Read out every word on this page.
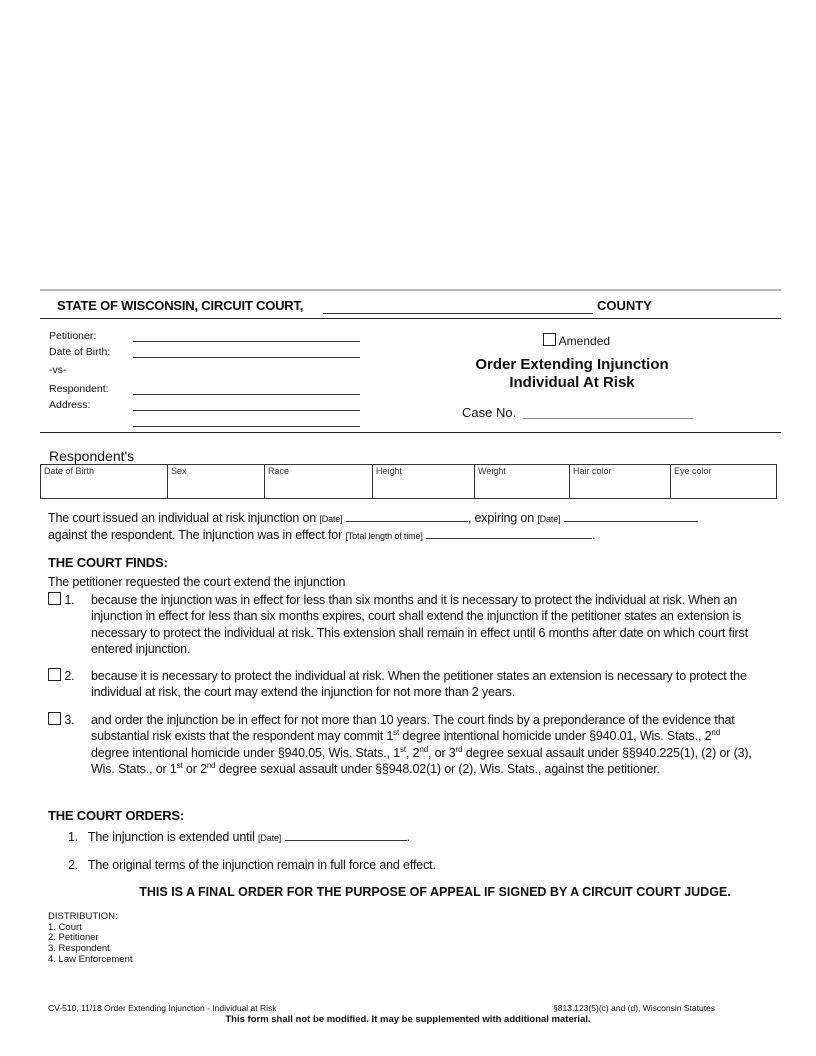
STATE OF WISCONSIN, CIRCUIT COURT,	COUNTY
Petitioner:
Date of Birth:
-vs-
Respondent:
Address:
Amended
Order Extending Injunction
Individual At Risk
Case No.
Respondent's
Date of Birth	Sex	Race	Height	Weight	Hair color	Eye color
The court issued an individual at risk injunction on [Date]	, expiring on [Date]
against the respondent. The injunction was in effect for [Total length of time]	.
THE COURT FINDS:
The petitioner requested the court extend the injunction
1. because the injunction was in effect for less than six months and it is necessary to protect the individual at risk. When an injunction in effect for less than six months expires, court shall extend the injunction if the petitioner states an extension is necessary to protect the individual at risk. This extension shall remain in effect until 6 months after date on which court first entered injunction.
2. because it is necessary to protect the individual at risk. When the petitioner states an extension is necessary to protect the individual at risk, the court may extend the injunction for not more than 2 years.
3. and order the injunction be in effect for not more than 10 years. The court finds by a preponderance of the evidence that substantial risk exists that the respondent may commit 1st degree intentional homicide under §940.01, Wis. Stats., 2nd degree intentional homicide under §940.05, Wis. Stats., 1st, 2nd, or 3rd degree sexual assault under §§940.225(1), (2) or (3), Wis. Stats., or 1st or 2nd degree sexual assault under §§948.02(1) or (2), Wis. Stats., against the petitioner.
THE COURT ORDERS:
1. The injunction is extended until [Date]	.
2. The original terms of the injunction remain in full force and effect.
THIS IS A FINAL ORDER FOR THE PURPOSE OF APPEAL IF SIGNED BY A CIRCUIT COURT JUDGE.
DISTRIBUTION:
1. Court
2. Petitioner
3. Respondent
4. Law Enforcement
CV-510, 11/18 Order Extending Injunction - Individual at Risk	§813.123(5)(c) and (d), Wisconsin Statutes
This form shall not be modified. It may be supplemented with additional material.
